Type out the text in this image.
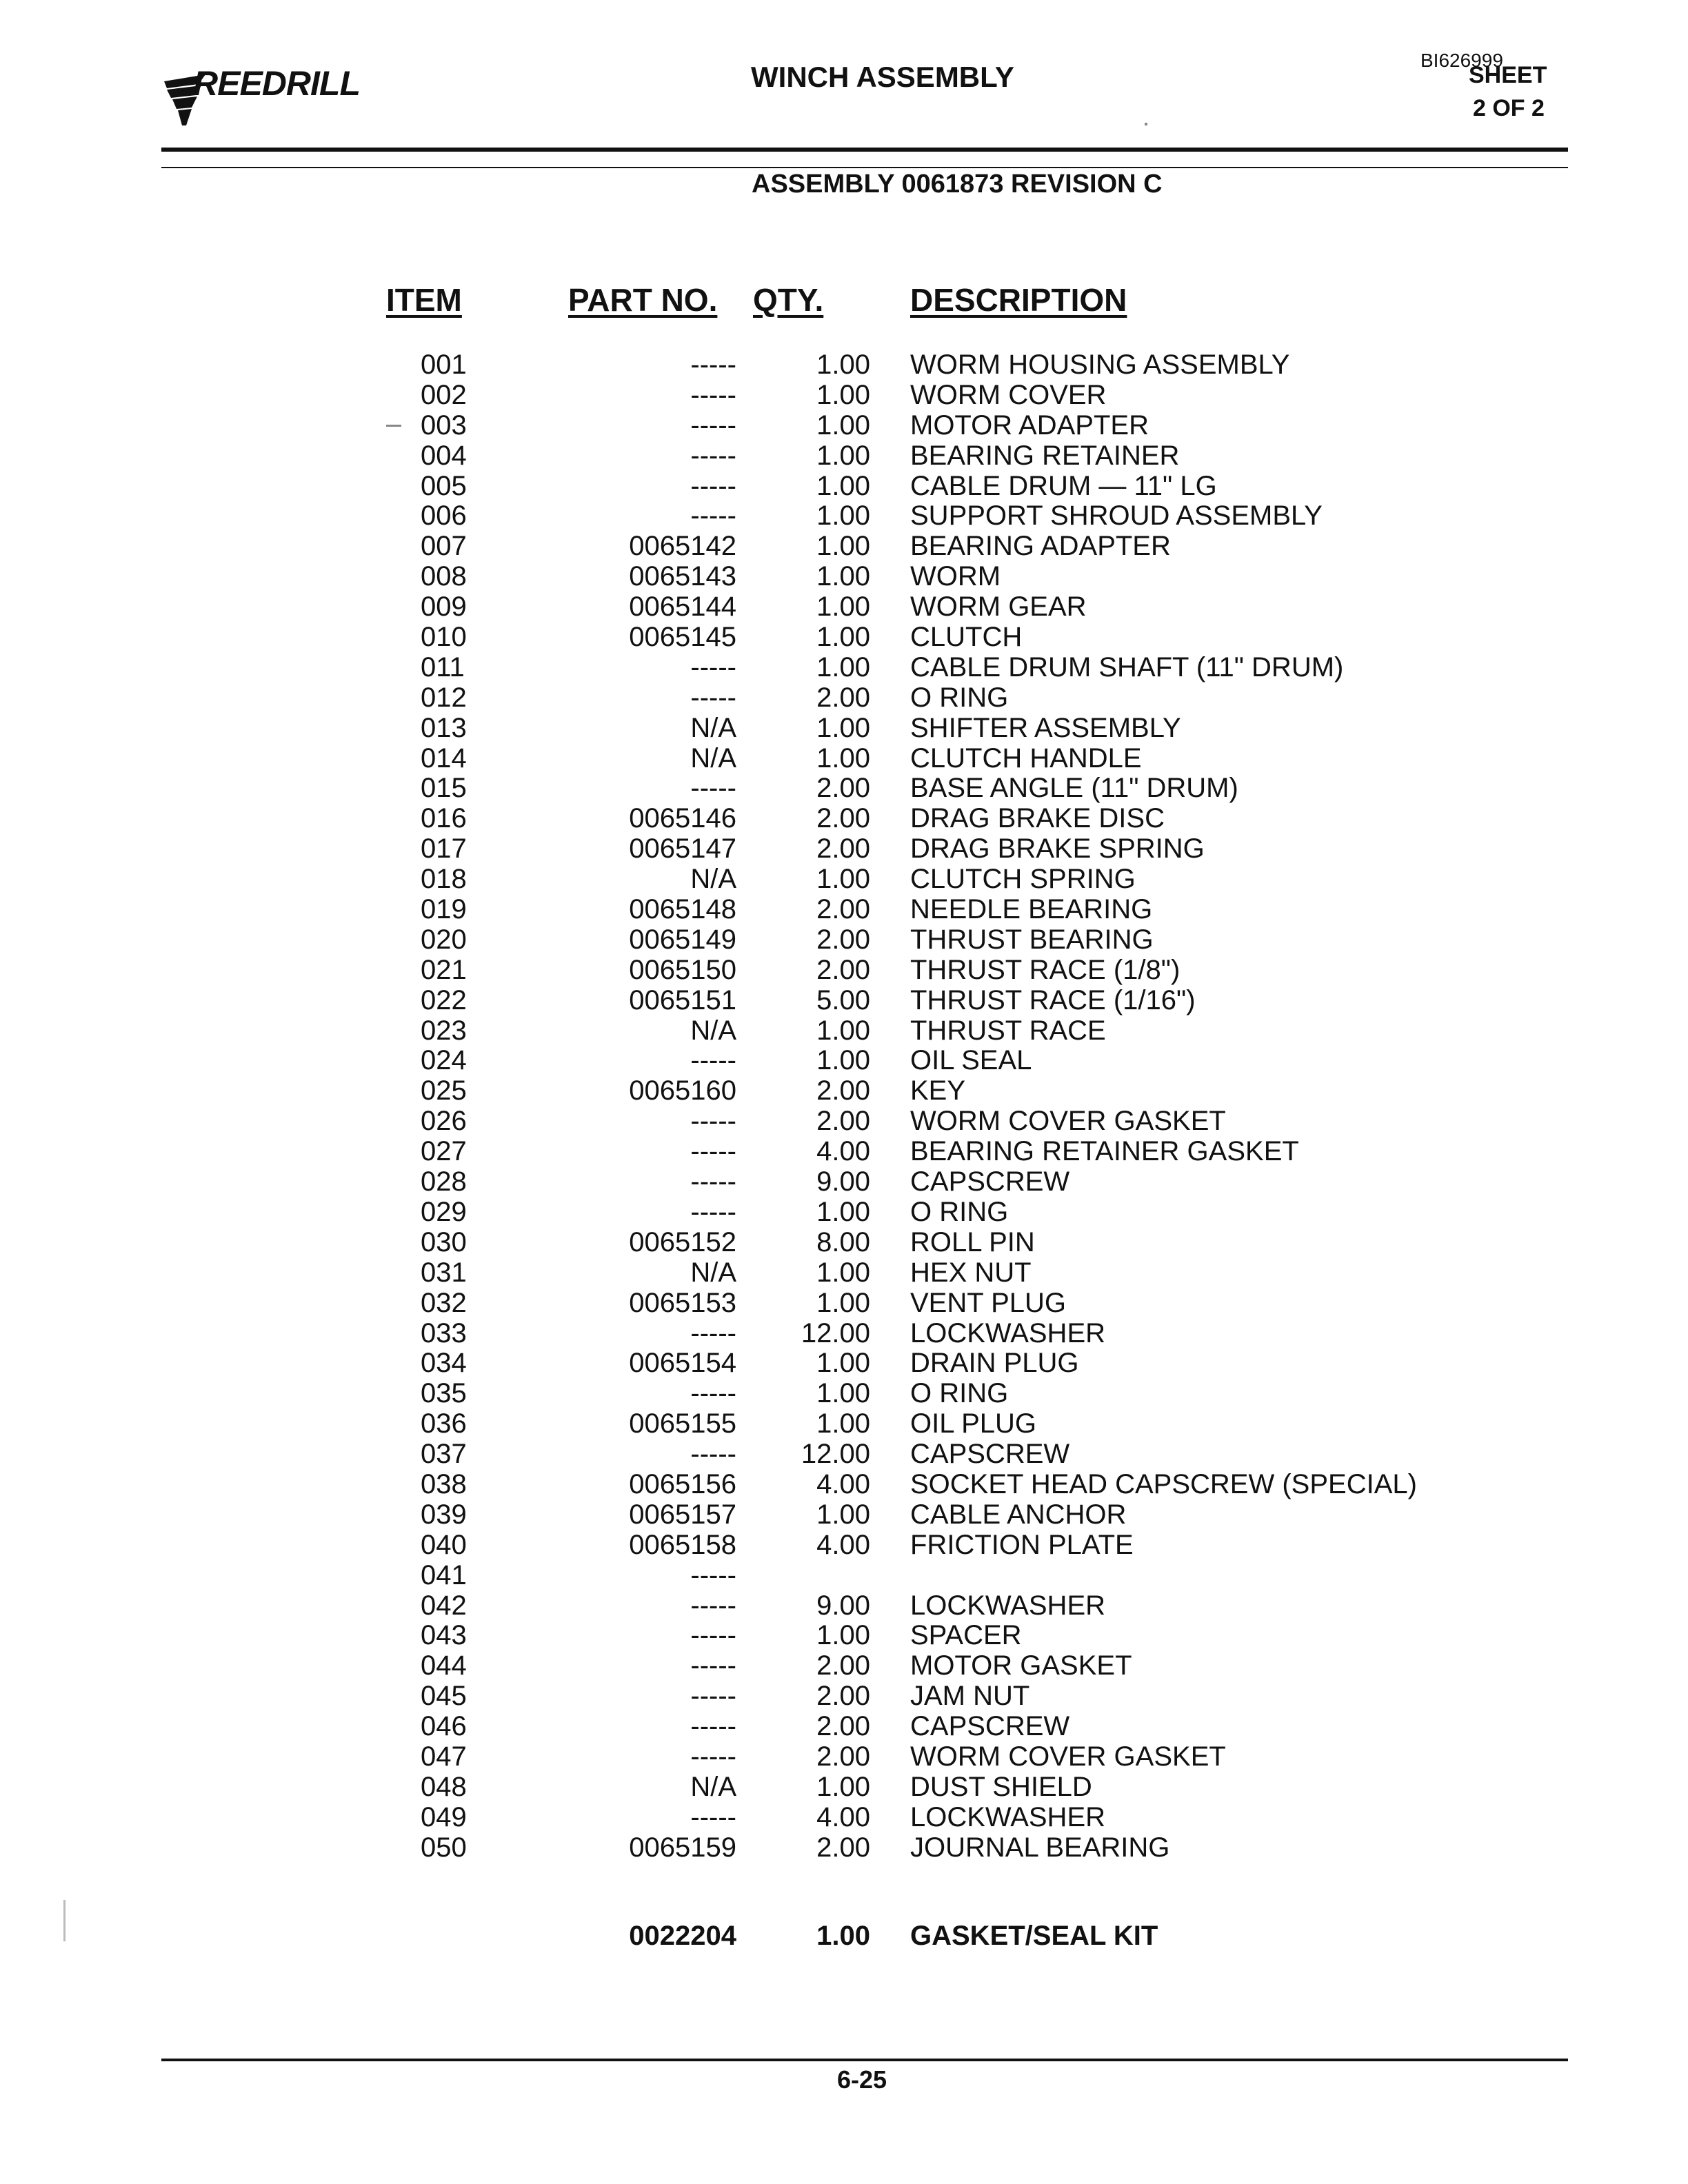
REEDRILL	WINCH ASSEMBLY
BI626999
SHEET
2 OF 2
ASSEMBLY 0061873 REVISION C
ITEM	PART NO. QTY.	DESCRIPTION
001	-----	1.00 WORM HOUSING ASSEMBLY
002	-----	1.00 WORM COVER
003	-----	1.00 MOTOR ADAPTER
004	-----	1.00 BEARING RETAINER
005	-----	1.00 CABLE DRUM — 11" LG
006	-----	1.00 SUPPORT SHROUD ASSEMBLY
007	0065142	1.00 BEARING ADAPTER
008	0065143	1.00 WORM
009	0065144	1.00 WORM GEAR
010	0065145	1.00 CLUTCH
011	-----	1.00 CABLE DRUM SHAFT (11" DRUM)
012	-----	2.00 O RING
013	N/A	1.00 SHIFTER ASSEMBLY
014	N/A	1.00 CLUTCH HANDLE
015	-----	2.00 BASE ANGLE (11" DRUM)
016	0065146	2.00 DRAG BRAKE DISC
017	0065147	2.00 DRAG BRAKE SPRING
018	N/A	1.00 CLUTCH SPRING
019	0065148	2.00 NEEDLE BEARING
020	0065149	2.00 THRUST BEARING
021	0065150	2.00 THRUST RACE (1/8")
022	0065151	5.00 THRUST RACE (1/16")
023	N/A	1.00 THRUST RACE
024	-----	1.00 OIL SEAL
025	0065160	2.00 KEY
026	-----	2.00 WORM COVER GASKET
027	-----	4.00 BEARING RETAINER GASKET
028	-----	9.00 CAPSCREW
029	-----	1.00 O RING
030	0065152	8.00 ROLL PIN
031	N/A	1.00 HEX NUT
032	0065153	1.00 VENT PLUG
033	-----	12.00 LOCKWASHER
034	0065154	1.00 DRAIN PLUG
035	-----	1.00 O RING
036	0065155	1.00 OIL PLUG
037	-----	12.00 CAPSCREW
038	0065156	4.00 SOCKET HEAD CAPSCREW (SPECIAL)
039	0065157	1.00 CABLE ANCHOR
040	0065158	4.00 FRICTION PLATE
041	-----
042	-----	9.00 LOCKWASHER
043	-----	1.00 SPACER
044	-----	2.00 MOTOR GASKET
045	-----	2.00 JAM NUT
046	-----	2.00 CAPSCREW
047	-----	2.00 WORM COVER GASKET
048	N/A	1.00 DUST SHIELD
049	-----	4.00 LOCKWASHER
050	0065159	2.00 JOURNAL BEARING
0022204	1.00 GASKET/SEAL KIT
6-25
